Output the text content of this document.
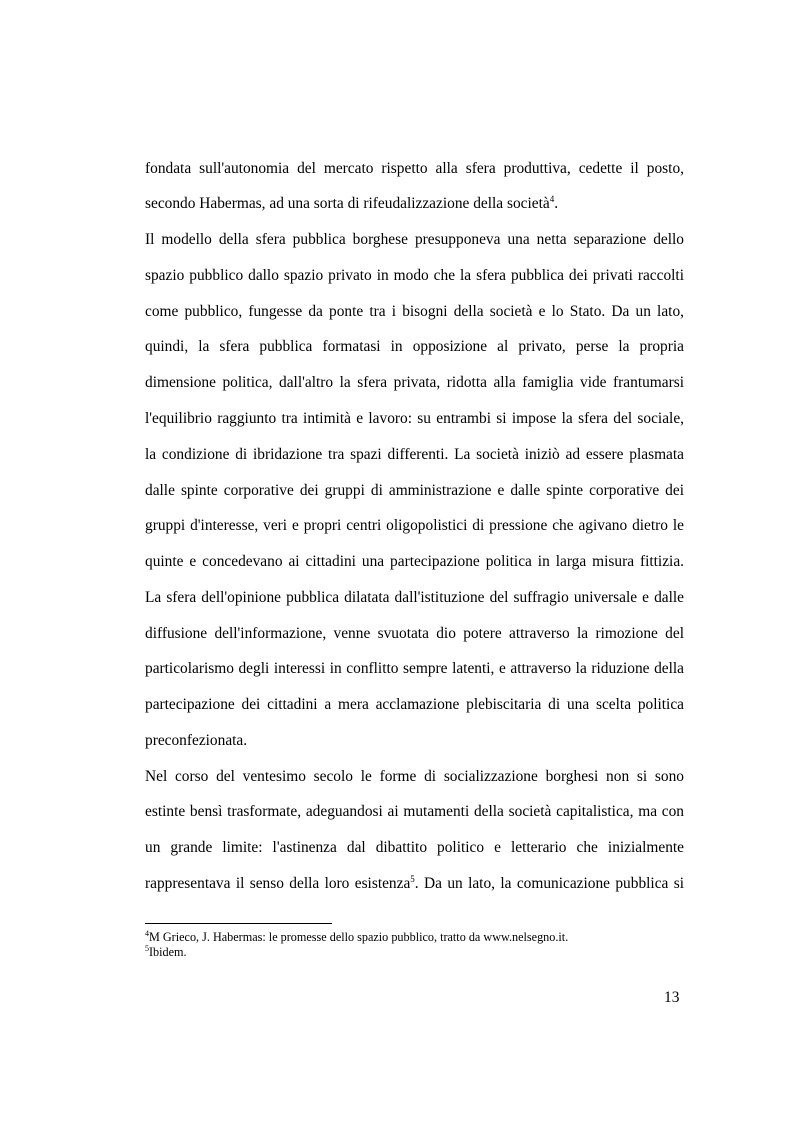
fondata sull'autonomia del mercato rispetto alla sfera produttiva, cedette il posto,
secondo Habermas, ad una sorta di rifeudalizzazione della società$^4$.
Il modello della sfera pubblica borghese presupponeva una netta separazione dello
spazio pubblico dallo spazio privato in modo che la sfera pubblica dei privati raccolti
come pubblico, fungesse da ponte tra i bisogni della società e lo Stato. Da un lato,
quindi, la sfera pubblica formatasi in opposizione al privato, perse la propria
dimensione politica, dall'altro la sfera privata, ridotta alla famiglia vide frantumarsi
l'equilibrio raggiunto tra intimità e lavoro: su entrambi si impose la sfera del sociale,
la condizione di ibridazione tra spazi differenti. La società iniziò ad essere plasmata
dalle spinte corporative dei gruppi di amministrazione e dalle spinte corporative dei
gruppi d'interesse, veri e propri centri oligopolistici di pressione che agivano dietro le
quinte e concedevano ai cittadini una partecipazione politica in larga misura fittizia.
La sfera dell'opinione pubblica dilatata dall'istituzione del suffragio universale e dalle
diffusione dell'informazione, venne svuotata dio potere attraverso la rimozione del
particolarismo degli interessi in conflitto sempre latenti, e attraverso la riduzione della
partecipazione dei cittadini a mera acclamazione plebiscitaria di una scelta politica
preconfezionata.
Nel corso del ventesimo secolo le forme di socializzazione borghesi non si sono
estinte bensì trasformate, adeguandosi ai mutamenti della società capitalistica, ma con
un grande limite: l'astinenza dal dibattito politico e letterario che inizialmente
rappresentava il senso della loro esistenza$^5$. Da un lato, la comunicazione pubblica si
$^4$M Grieco, J. Habermas: le promesse dello spazio pubblico, tratto da www.nelsegno.it.
$^5$Ibidem.
13
